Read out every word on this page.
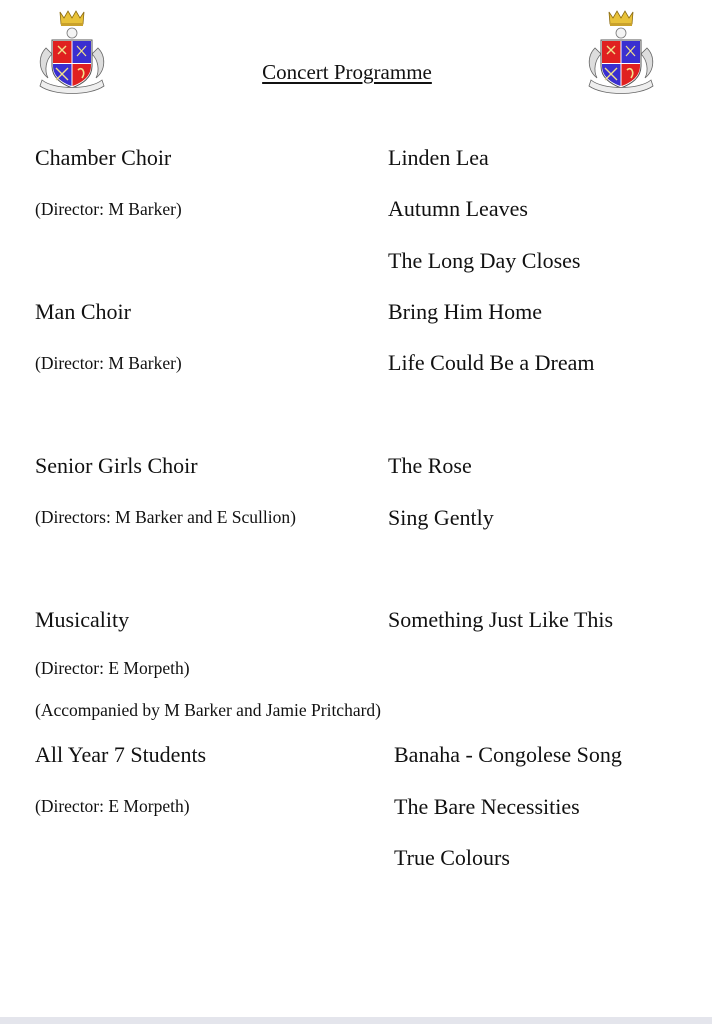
Concert Programme
Chamber Choir
(Director: M Barker)
Linden Lea
Autumn Leaves
The Long Day Closes
Man Choir
(Director: M Barker)
Bring Him Home
Life Could Be a Dream
Senior Girls Choir
(Directors: M Barker and E Scullion)
The Rose
Sing Gently
Musicality
(Director: E Morpeth)
(Accompanied by M Barker and Jamie Pritchard)
Something Just Like This
All Year 7 Students
(Director: E Morpeth)
Banaha - Congolese Song
The Bare Necessities
True Colours
